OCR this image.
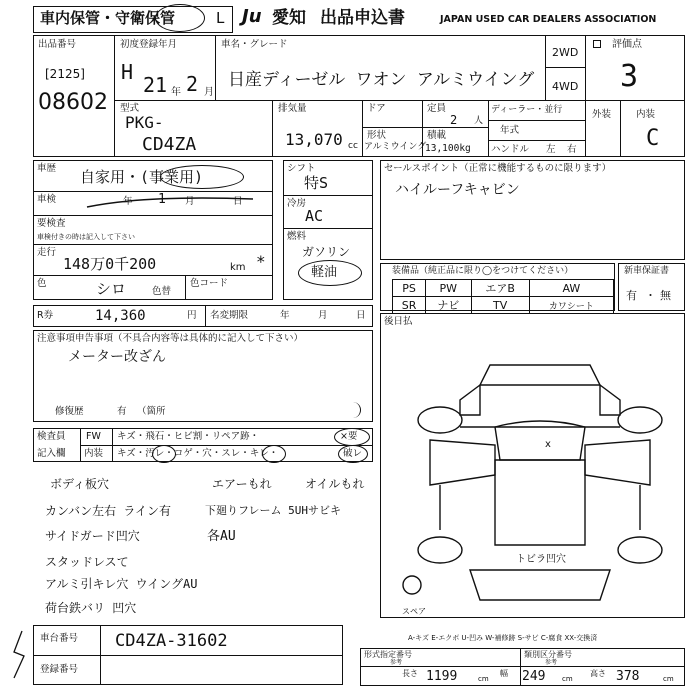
車内保管・守衛保管	L Ju 愛知 出品申込書	JAPAN USED CAR DEALERS ASSOCIATION
出品番号
[2125]
08602
初度登録年月
H
21 年 2 月
車名・グレード
日産ディーゼル ワオン アルミウイング
2WD
4WD
評価点
3
外装	内装
C
型式
PKG-
CD4ZA
排気量
13,070 cc
ドア
形状
アルミウイング
定員
2 人
積載
13,100kg
ディーラー・並行
年式
ハンドル 左 右
車歴 自家用・(事業用)
車検	年 1 月	日
要検査
車検付きの時は記入して下さい
走行
148万0千200	km *
色	シロ	色替
色コード
シフト
特S
冷房
AC
燃料
ガソリン
軽油
セールスポイント（正常に機能するものに限ります）
ハイルーフキャビン
装備品（純正品に限り◯をつけてください）
PS	PW	エアB	AW
SR	ナビ	TV	カワシート
新車保証書
有 ・ 無
R券	14,360	円 名変期限	年	月	日
注意事項申告事項（不具合内容等は具体的に記入して下さい）
メーター改ざん
修復歴	有 （箇所
後日払
検査員
記入欄
FW キズ・飛石・ヒビ割・リペア跡・	×要
内装 キズ・汚レ・コゲ・穴・スレ・キレ・	破レ
ボディ板穴
カンバン左右 ライン有
サイドガード凹穴
スタッドレスて
アルミ引キレ穴 ウイングAU
荷台鉄バリ 凹穴
エアーもれ	オイルもれ
下廻りフレーム 5UHサビキ
各AU
x
スペア
トビラ凹穴
A-キズ E-エクボ U-凹み W-補修跡 S-サビ C-腐食 XX-交換済
車台番号 CD4ZA-31602
登録番号
形式指定番号
参考
類別区分番号
参考
長さ 1199	cm
幅 249 cm
高さ 378	cm
